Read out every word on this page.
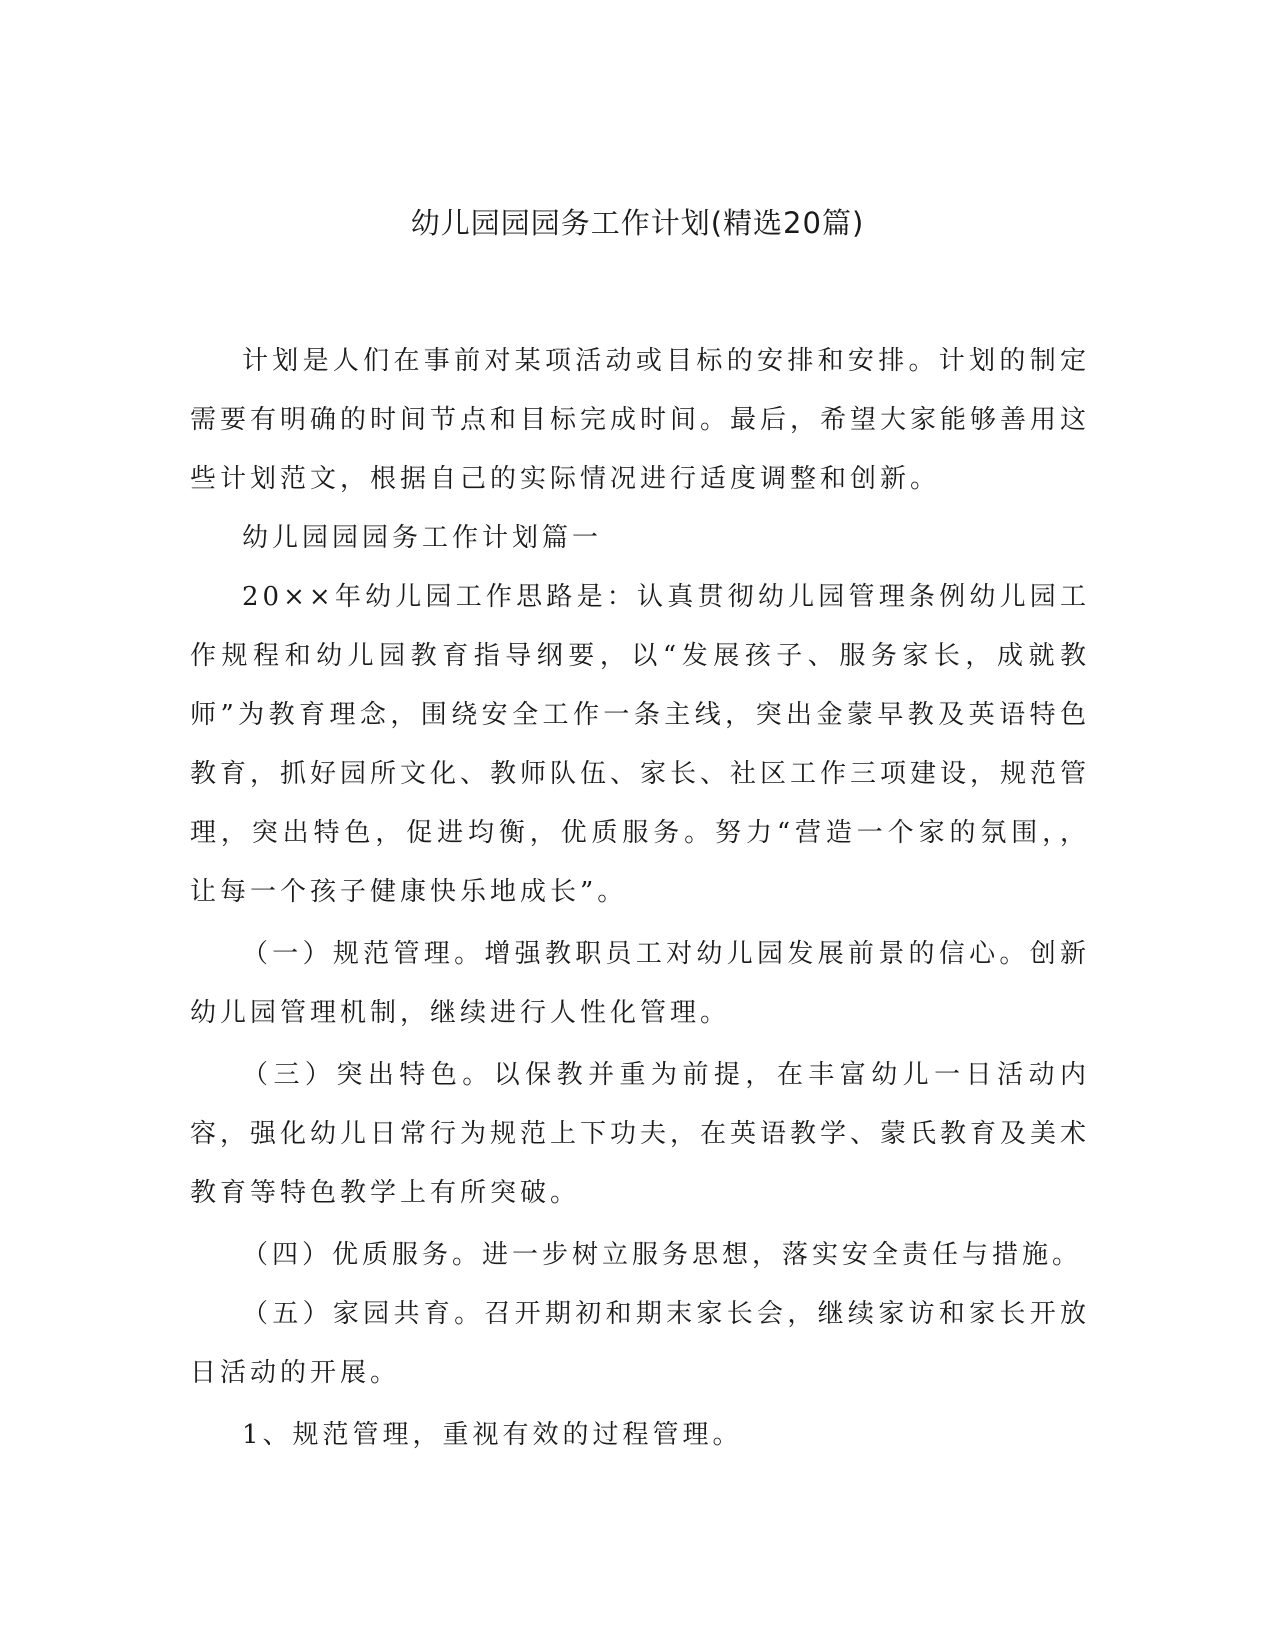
幼儿园园园务工作计划(精选20篇)

计划是人们在事前对某项活动或目标的安排和安排。计划的制定需要有明确的时间节点和目标完成时间。最后，希望大家能够善用这些计划范文，根据自己的实际情况进行适度调整和创新。

幼儿园园园务工作计划篇一

20××年幼儿园工作思路是：认真贯彻幼儿园管理条例幼儿园工作规程和幼儿园教育指导纲要，以“发展孩子、服务家长，成就教师”为教育理念，围绕安全工作一条主线，突出金蒙早教及英语特色教育，抓好园所文化、教师队伍、家长、社区工作三项建设，规范管理，突出特色，促进均衡，优质服务。努力“营造一个家的氛围，，让每一个孩子健康快乐地成长”。

（一）规范管理。增强教职员工对幼儿园发展前景的信心。创新幼儿园管理机制，继续进行人性化管理。

（三）突出特色。以保教并重为前提，在丰富幼儿一日活动内容，强化幼儿日常行为规范上下功夫，在英语教学、蒙氏教育及美术教育等特色教学上有所突破。

（四）优质服务。进一步树立服务思想，落实安全责任与措施。

（五）家园共育。召开期初和期末家长会，继续家访和家长开放日活动的开展。

1、规范管理，重视有效的过程管理。
